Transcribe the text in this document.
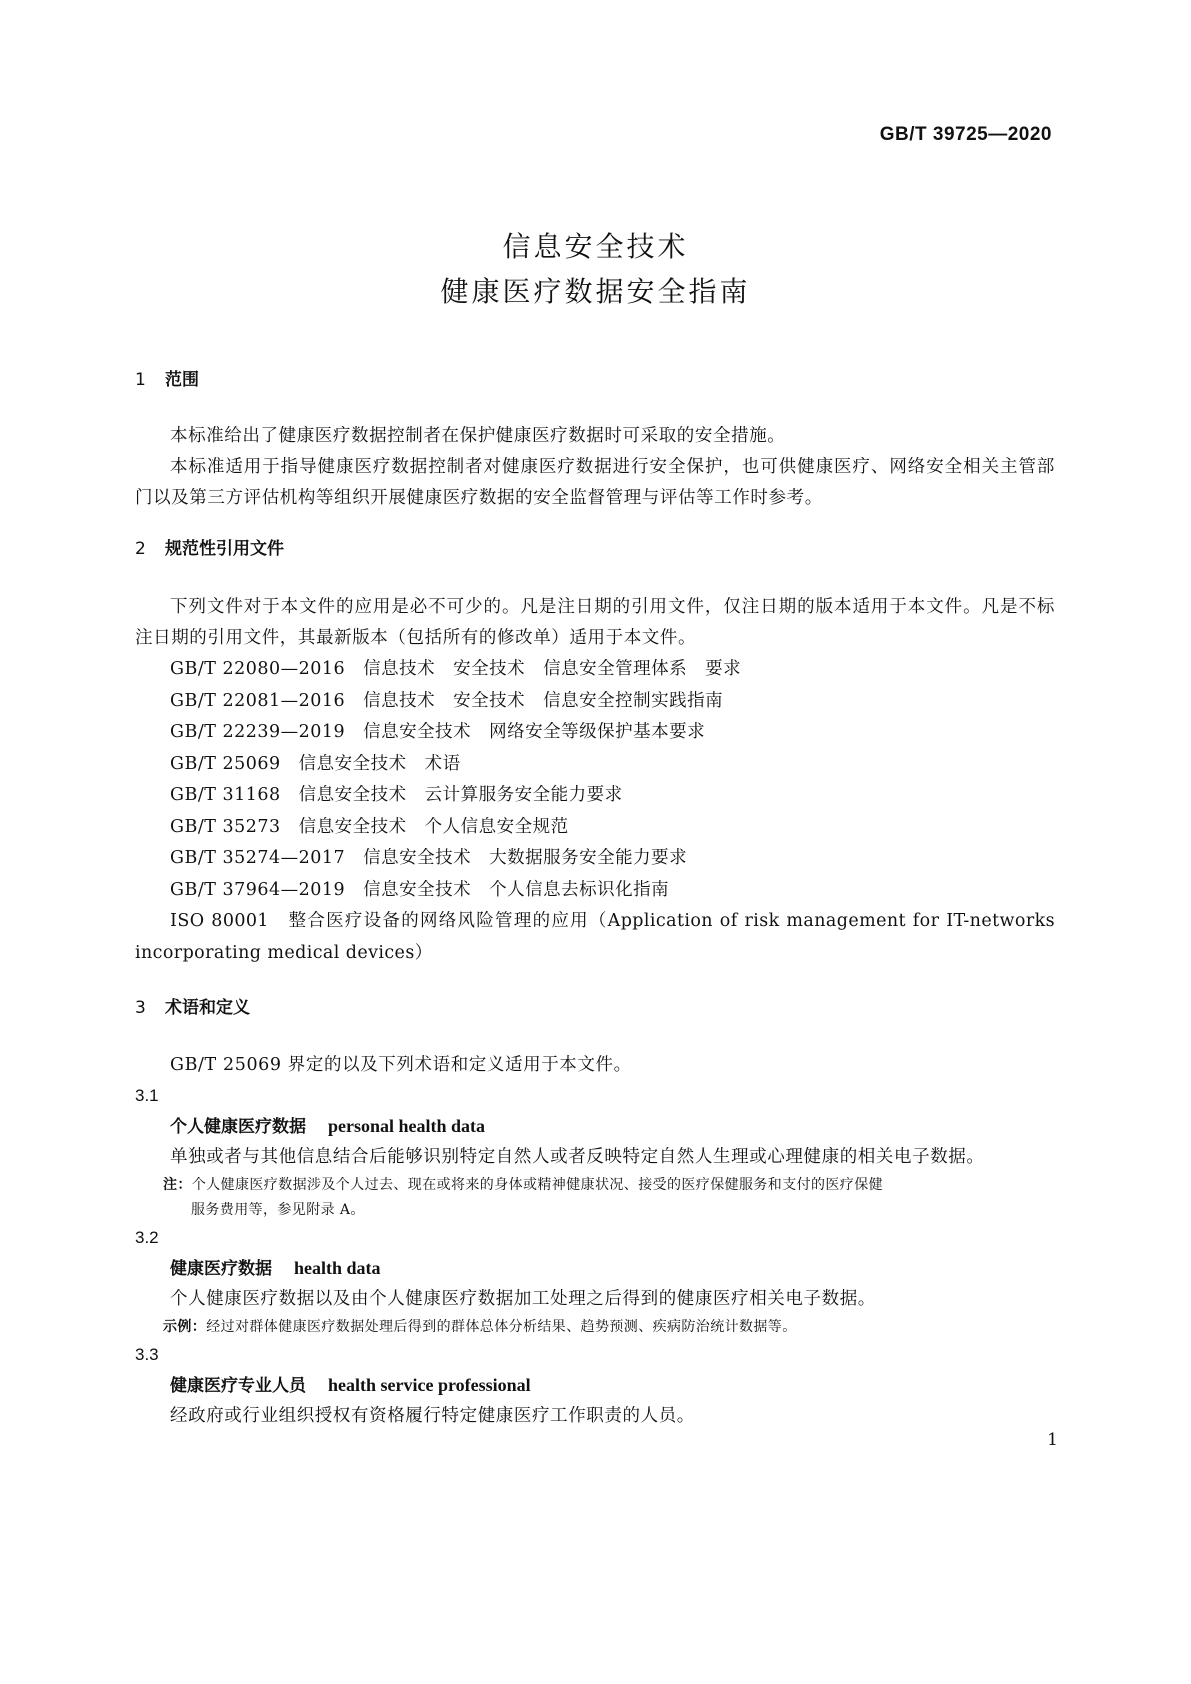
GB/T 39725—2020
信息安全技术
健康医疗数据安全指南
1 范围
本标准给出了健康医疗数据控制者在保护健康医疗数据时可采取的安全措施。
本标准适用于指导健康医疗数据控制者对健康医疗数据进行安全保护，也可供健康医疗、网络安全相关主管部门以及第三方评估机构等组织开展健康医疗数据的安全监督管理与评估等工作时参考。
2 规范性引用文件
下列文件对于本文件的应用是必不可少的。凡是注日期的引用文件，仅注日期的版本适用于本文件。凡是不标注日期的引用文件，其最新版本（包括所有的修改单）适用于本文件。
GB/T 22080—2016　信息技术　安全技术　信息安全管理体系　要求
GB/T 22081—2016　信息技术　安全技术　信息安全控制实践指南
GB/T 22239—2019　信息安全技术　网络安全等级保护基本要求
GB/T 25069　信息安全技术　术语
GB/T 31168　信息安全技术　云计算服务安全能力要求
GB/T 35273　信息安全技术　个人信息安全规范
GB/T 35274—2017　信息安全技术　大数据服务安全能力要求
GB/T 37964—2019　信息安全技术　个人信息去标识化指南
ISO 80001　整合医疗设备的网络风险管理的应用（Application of risk management for IT-networks incorporating medical devices）
3 术语和定义
GB/T 25069 界定的以及下列术语和定义适用于本文件。
3.1
个人健康医疗数据 personal health data
单独或者与其他信息结合后能够识别特定自然人或者反映特定自然人生理或心理健康的相关电子数据。
注：个人健康医疗数据涉及个人过去、现在或将来的身体或精神健康状况、接受的医疗保健服务和支付的医疗保健
服务费用等，参见附录 A。
3.2
健康医疗数据 health data
个人健康医疗数据以及由个人健康医疗数据加工处理之后得到的健康医疗相关电子数据。
示例：经过对群体健康医疗数据处理后得到的群体总体分析结果、趋势预测、疾病防治统计数据等。
3.3
健康医疗专业人员 health service professional
经政府或行业组织授权有资格履行特定健康医疗工作职责的人员。
1
